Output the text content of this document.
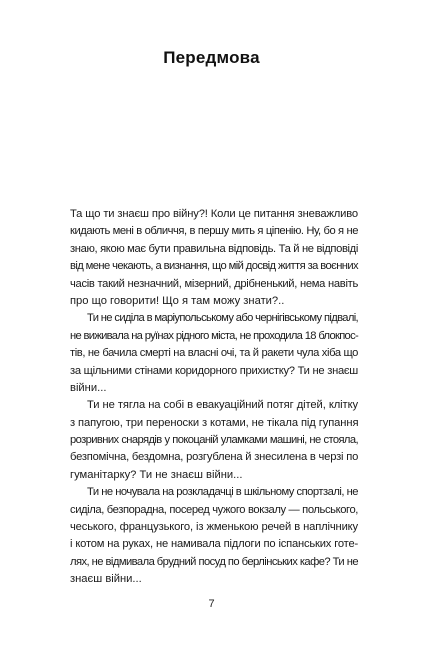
Передмова
Та що ти знаєш про війну?! Коли це питання зневажливо
кидають мені в обличчя, в першу мить я ціпенію. Ну, бо я не
знаю, якою має бути правильна відповідь. Та й не відповіді
від мене чекають, а визнання, що мій досвід життя за воєнних
часів такий незначний, мізерний, дрібненький, нема навіть
про що говорити! Що я там можу знати?..
Ти не сиділа в маріупольському або чернігівському підвалі,
не виживала на руїнах рідного міста, не проходила 18 блокпос-
тів, не бачила смерті на власні очі, та й ракети чула хіба що
за щільними стінами коридорного прихистку? Ти не знаєш
війни...
Ти не тягла на собі в евакуаційний потяг дітей, клітку
з папугою, три переноски з котами, не тікала під гупання
розривних снарядів у покоцаній уламками машині, не стояла,
безпомічна, бездомна, розгублена й знесилена в черзі по
гуманітарку? Ти не знаєш війни...
Ти не ночувала на розкладачці в шкільному спортзалі, не
сиділа, безпорадна, посеред чужого вокзалу — польського,
чеського, французького, із жменькою речей в наплічнику
і котом на руках, не намивала підлоги по іспанських готе-
лях, не відмивала брудний посуд по берлінських кафе? Ти не
знаєш війни...
7
